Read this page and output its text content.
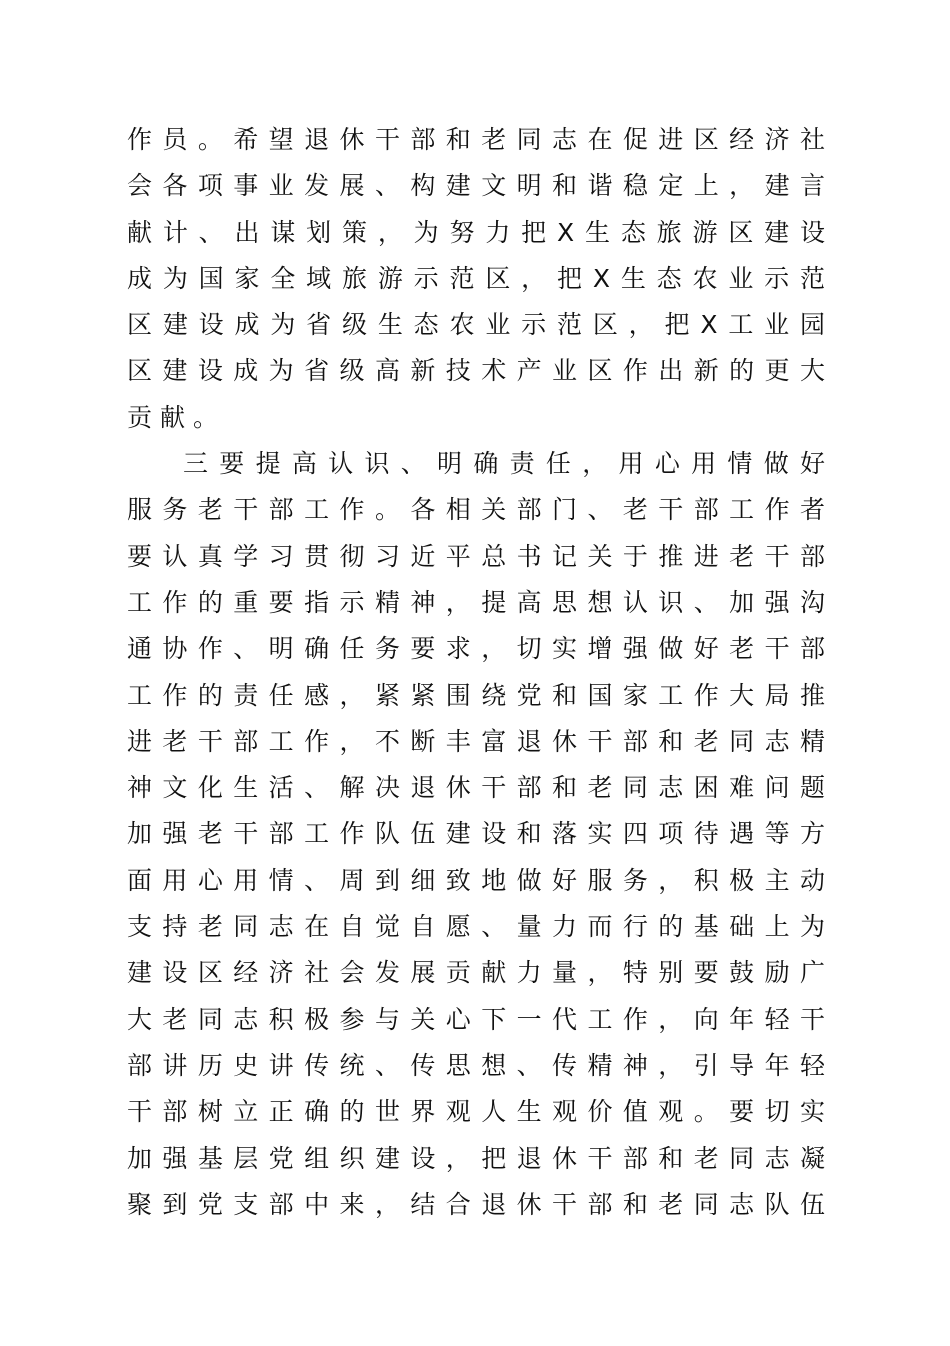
作员。希望退休干部和老同志在促进区经济社
会各项事业发展、构建文明和谐稳定上，建言
献计、出谋划策，为努力把X生态旅游区建设
成为国家全域旅游示范区，把X生态农业示范
区建设成为省级生态农业示范区，把X工业园
区建设成为省级高新技术产业区作出新的更大
贡献。
三要提高认识、明确责任，用心用情做好
服务老干部工作。各相关部门、老干部工作者
要认真学习贯彻习近平总书记关于推进老干部
工作的重要指示精神，提高思想认识、加强沟
通协作、明确任务要求，切实增强做好老干部
工作的责任感，紧紧围绕党和国家工作大局推
进老干部工作，不断丰富退休干部和老同志精
神文化生活、解决退休干部和老同志困难问题
加强老干部工作队伍建设和落实四项待遇等方
面用心用情、周到细致地做好服务，积极主动
支持老同志在自觉自愿、量力而行的基础上为
建设区经济社会发展贡献力量，特别要鼓励广
大老同志积极参与关心下一代工作，向年轻干
部讲历史讲传统、传思想、传精神，引导年轻
干部树立正确的世界观人生观价值观。要切实
加强基层党组织建设，把退休干部和老同志凝
聚到党支部中来，结合退休干部和老同志队伍
